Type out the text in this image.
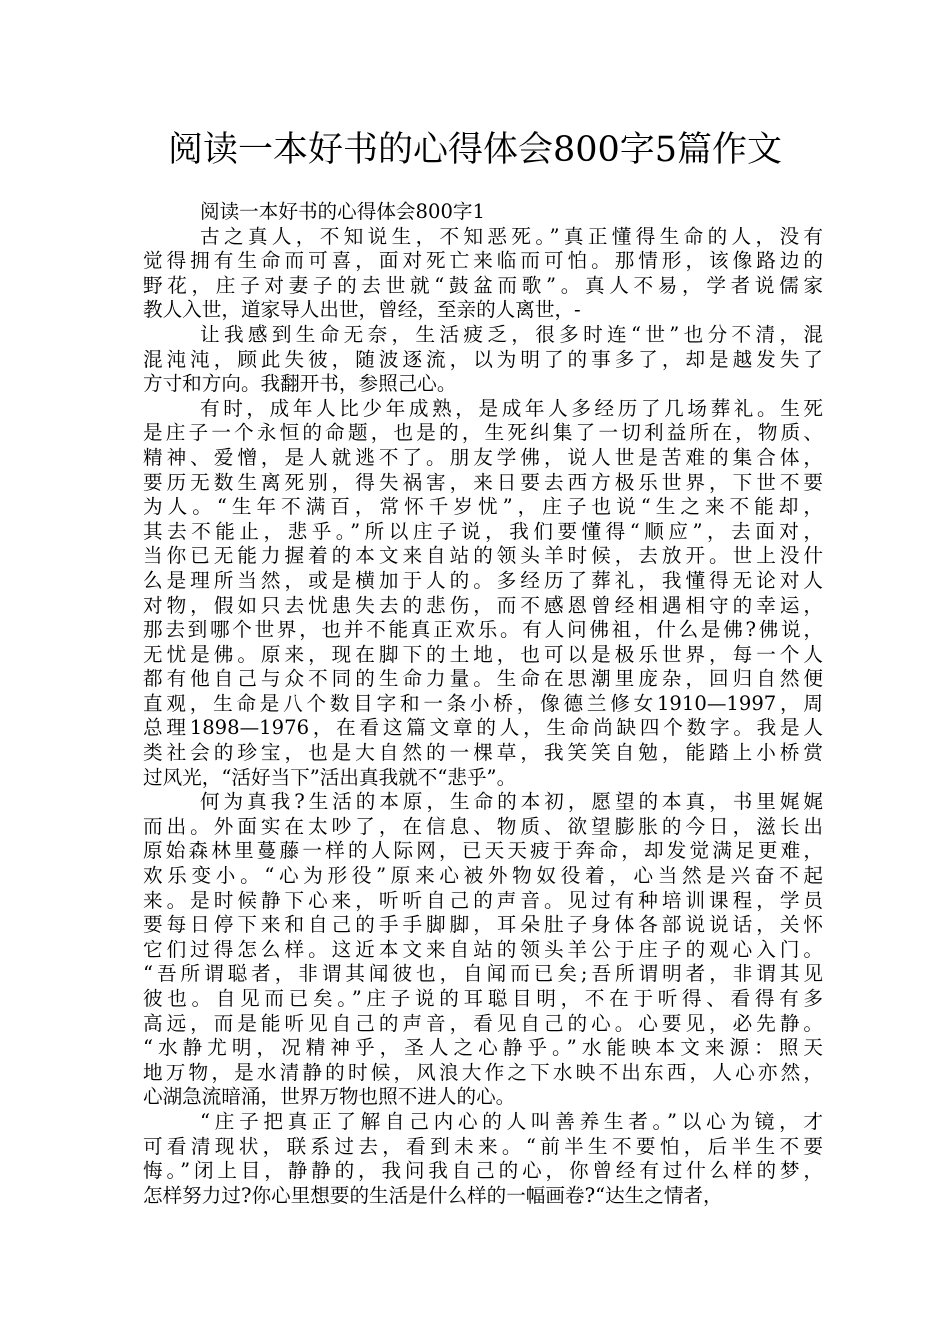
阅读一本好书的心得体会800字5篇作文
阅读一本好书的心得体会800字1
古之真人，不知说生，不知恶死。”真正懂得生命的人，没有
觉得拥有生命而可喜，面对死亡来临而可怕。那情形，该像路边的
野花，庄子对妻子的去世就“鼓盆而歌”。真人不易，学者说儒家
教人入世，道家导人出世，曾经，至亲的人离世，-
让我感到生命无奈，生活疲乏，很多时连“世”也分不清，混
混沌沌，顾此失彼，随波逐流，以为明了的事多了，却是越发失了
方寸和方向。我翻开书，参照己心。
有时，成年人比少年成熟，是成年人多经历了几场葬礼。生死
是庄子一个永恒的命题，也是的，生死纠集了一切利益所在，物质、
精神、爱憎，是人就逃不了。朋友学佛，说人世是苦难的集合体，
要历无数生离死别，得失祸害，来日要去西方极乐世界，下世不要
为人。“生年不满百，常怀千岁忧”，庄子也说“生之来不能却，
其去不能止，悲乎。”所以庄子说，我们要懂得“顺应”，去面对，
当你已无能力握着的本文来自站的领头羊时候，去放开。世上没什
么是理所当然，或是横加于人的。多经历了葬礼，我懂得无论对人
对物，假如只去忧患失去的悲伤，而不感恩曾经相遇相守的幸运，
那去到哪个世界，也并不能真正欢乐。有人问佛祖，什么是佛?佛说，
无忧是佛。原来，现在脚下的土地，也可以是极乐世界，每一个人
都有他自己与众不同的生命力量。生命在思潮里庞杂，回归自然便
直观，生命是八个数目字和一条小桥，像德兰修女1910—1997，周
总理1898—1976，在看这篇文章的人，生命尚缺四个数字。我是人
类社会的珍宝，也是大自然的一棵草，我笑笑自勉，能踏上小桥赏
过风光，“活好当下”活出真我就不“悲乎”。
何为真我?生活的本原，生命的本初，愿望的本真，书里娓娓
而出。外面实在太吵了，在信息、物质、欲望膨胀的今日，滋长出
原始森林里蔓藤一样的人际网，已天天疲于奔命，却发觉满足更难，
欢乐变小。“心为形役”原来心被外物奴役着，心当然是兴奋不起
来。是时候静下心来，听听自己的声音。见过有种培训课程，学员
要每日停下来和自己的手手脚脚，耳朵肚子身体各部说说话，关怀
它们过得怎么样。这近本文来自站的领头羊公于庄子的观心入门。
“吾所谓聪者，非谓其闻彼也，自闻而已矣;吾所谓明者，非谓其见
彼也。自见而已矣。”庄子说的耳聪目明，不在于听得、看得有多
高远，而是能听见自己的声音，看见自己的心。心要见，必先静。
“水静尤明，况精神乎，圣人之心静乎。”水能映本文来源：照天
地万物，是水清静的时候，风浪大作之下水映不出东西，人心亦然，
心湖急流暗涌，世界万物也照不进人的心。
“庄子把真正了解自己内心的人叫善养生者。”以心为镜，才
可看清现状，联系过去，看到未来。“前半生不要怕，后半生不要
悔。”闭上目，静静的，我问我自己的心，你曾经有过什么样的梦，
怎样努力过?你心里想要的生活是什么样的一幅画卷?“达生之情者，
